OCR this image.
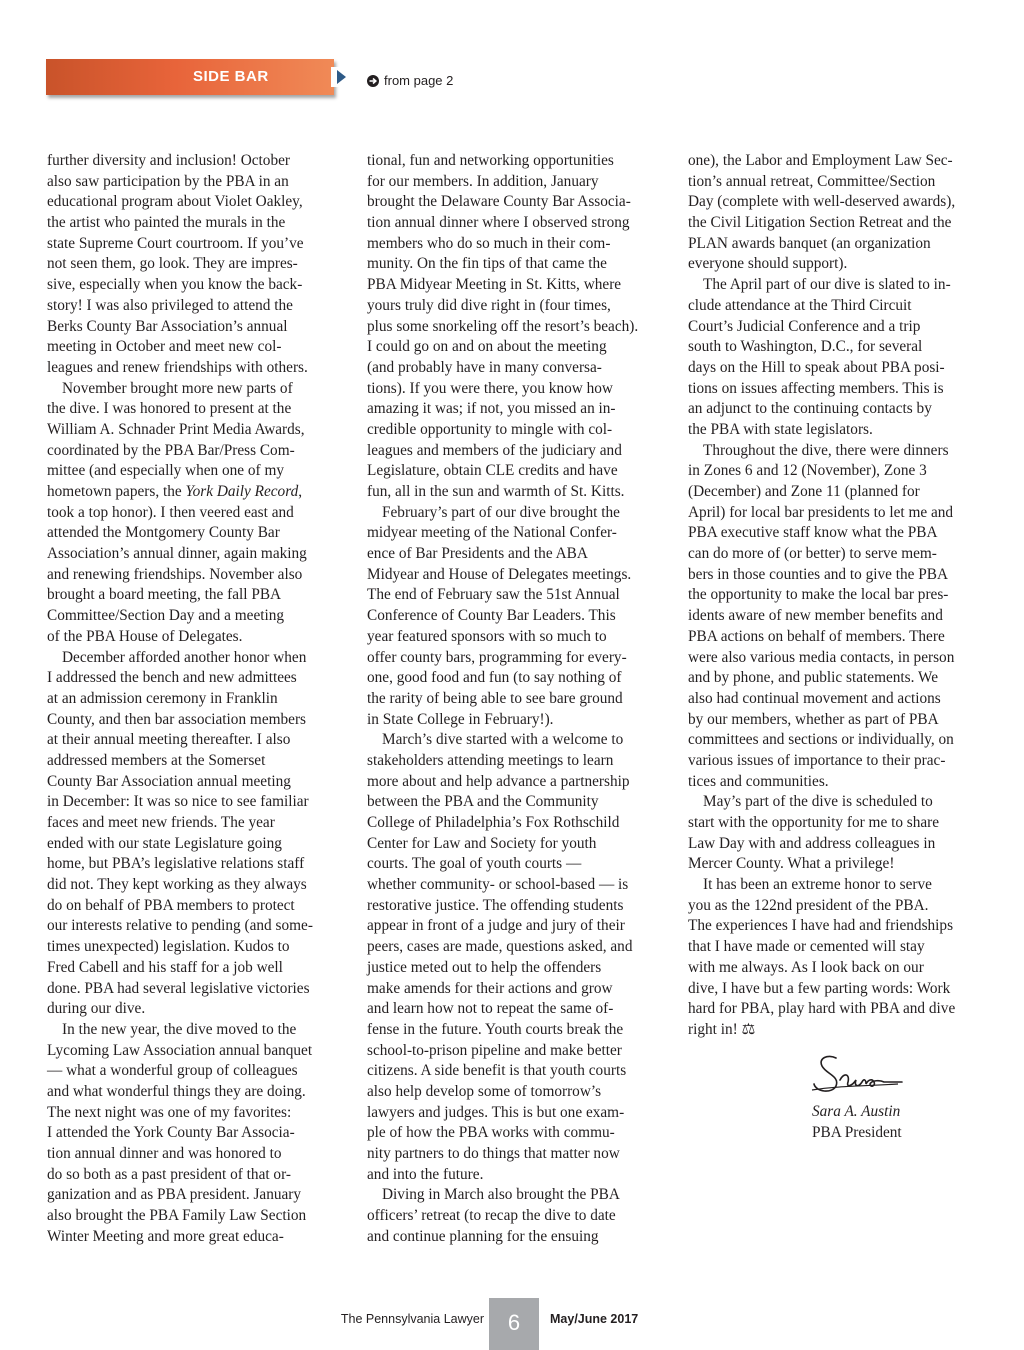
SIDE BAR	from page 2
further diversity and inclusion! October
also saw participation by the PBA in an
educational program about Violet Oakley,
the artist who painted the murals in the
state Supreme Court courtroom. If you’ve
not seen them, go look. They are impres-
sive, especially when you know the back-
story! I was also privileged to attend the
Berks County Bar Association’s annual
meeting in October and meet new col-
leagues and renew friendships with others.
November brought more new parts of
the dive. I was honored to present at the
William A. Schnader Print Media Awards,
coordinated by the PBA Bar/Press Com-
mittee (and especially when one of my
hometown papers, the York Daily Record,
took a top honor). I then veered east and
attended the Montgomery County Bar
Association’s annual dinner, again making
and renewing friendships. November also
brought a board meeting, the fall PBA
Committee/Section Day and a meeting
of the PBA House of Delegates.
December afforded another honor when
I addressed the bench and new admittees
at an admission ceremony in Franklin
County, and then bar association members
at their annual meeting thereafter. I also
addressed members at the Somerset
County Bar Association annual meeting
in December: It was so nice to see familiar
faces and meet new friends. The year
ended with our state Legislature going
home, but PBA’s legislative relations staff
did not. They kept working as they always
do on behalf of PBA members to protect
our interests relative to pending (and some-
times unexpected) legislation. Kudos to
Fred Cabell and his staff for a job well
done. PBA had several legislative victories
during our dive.
In the new year, the dive moved to the
Lycoming Law Association annual banquet
— what a wonderful group of colleagues
and what wonderful things they are doing.
The next night was one of my favorites:
I attended the York County Bar Associa-
tion annual dinner and was honored to
do so both as a past president of that or-
ganization and as PBA president. January
also brought the PBA Family Law Section
Winter Meeting and more great educa-
tional, fun and networking opportunities
for our members. In addition, January
brought the Delaware County Bar Associa-
tion annual dinner where I observed strong
members who do so much in their com-
munity. On the fin tips of that came the
PBA Midyear Meeting in St. Kitts, where
yours truly did dive right in (four times,
plus some snorkeling off the resort’s beach).
I could go on and on about the meeting
(and probably have in many conversa-
tions). If you were there, you know how
amazing it was; if not, you missed an in-
credible opportunity to mingle with col-
leagues and members of the judiciary and
Legislature, obtain CLE credits and have
fun, all in the sun and warmth of St. Kitts.
February’s part of our dive brought the
midyear meeting of the National Confer-
ence of Bar Presidents and the ABA
Midyear and House of Delegates meetings.
The end of February saw the 51st Annual
Conference of County Bar Leaders. This
year featured sponsors with so much to
offer county bars, programming for every-
one, good food and fun (to say nothing of
the rarity of being able to see bare ground
in State College in February!).
March’s dive started with a welcome to
stakeholders attending meetings to learn
more about and help advance a partnership
between the PBA and the Community
College of Philadelphia’s Fox Rothschild
Center for Law and Society for youth
courts. The goal of youth courts —
whether community- or school-based — is
restorative justice. The offending students
appear in front of a judge and jury of their
peers, cases are made, questions asked, and
justice meted out to help the offenders
make amends for their actions and grow
and learn how not to repeat the same of-
fense in the future. Youth courts break the
school-to-prison pipeline and make better
citizens. A side benefit is that youth courts
also help develop some of tomorrow’s
lawyers and judges. This is but one exam-
ple of how the PBA works with commu-
nity partners to do things that matter now
and into the future.
Diving in March also brought the PBA
officers’ retreat (to recap the dive to date
and continue planning for the ensuing
one), the Labor and Employment Law Sec-
tion’s annual retreat, Committee/Section
Day (complete with well-deserved awards),
the Civil Litigation Section Retreat and the
PLAN awards banquet (an organization
everyone should support).
The April part of our dive is slated to in-
clude attendance at the Third Circuit
Court’s Judicial Conference and a trip
south to Washington, D.C., for several
days on the Hill to speak about PBA posi-
tions on issues affecting members. This is
an adjunct to the continuing contacts by
the PBA with state legislators.
Throughout the dive, there were dinners
in Zones 6 and 12 (November), Zone 3
(December) and Zone 11 (planned for
April) for local bar presidents to let me and
PBA executive staff know what the PBA
can do more of (or better) to serve mem-
bers in those counties and to give the PBA
the opportunity to make the local bar pres-
idents aware of new member benefits and
PBA actions on behalf of members. There
were also various media contacts, in person
and by phone, and public statements. We
also had continual movement and actions
by our members, whether as part of PBA
committees and sections or individually, on
various issues of importance to their prac-
tices and communities.
May’s part of the dive is scheduled to
start with the opportunity for me to share
Law Day with and address colleagues in
Mercer County. What a privilege!
It has been an extreme honor to serve
you as the 122nd president of the PBA.
The experiences I have had and friendships
that I have made or cemented will stay
with me always. As I look back on our
dive, I have but a few parting words: Work
hard for PBA, play hard with PBA and dive
right in! ⚖
Sara A. Austin
PBA President
The Pennsylvania Lawyer	6	May/June 2017
